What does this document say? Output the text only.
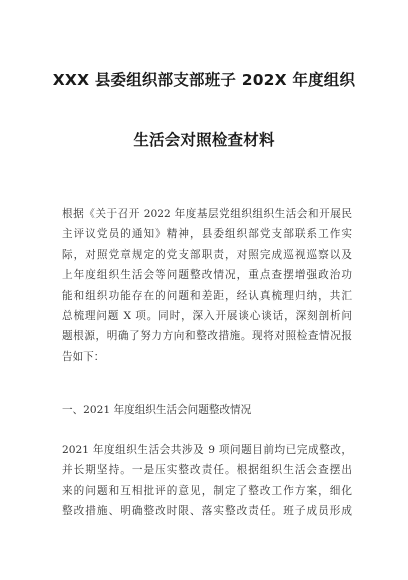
XXX 县委组织部支部班子 202X 年度组织
生活会对照检查材料
根据《关于召开 2022 年度基层党组织组织生活会和开展民
主评议党员的通知》精神，县委组织部党支部联系工作实
际，对照党章规定的党支部职责，对照完成巡视巡察以及
上年度组织生活会等问题整改情况，重点查摆增强政治功
能和组织功能存在的问题和差距，经认真梳理归纳，共汇
总梳理问题 X 项。同时，深入开展谈心谈话，深刻剖析问
题根源，明确了努力方向和整改措施。现将对照检查情况报
告如下：
一、2021 年度组织生活会问题整改情况
2021 年度组织生活会共涉及 9 项问题目前均已完成整改，
并长期坚持。一是压实整改责任。根据组织生活会查摆出
来的问题和互相批评的意见，制定了整改工作方案，细化
整改措施、明确整改时限、落实整改责任。班子成员形成
